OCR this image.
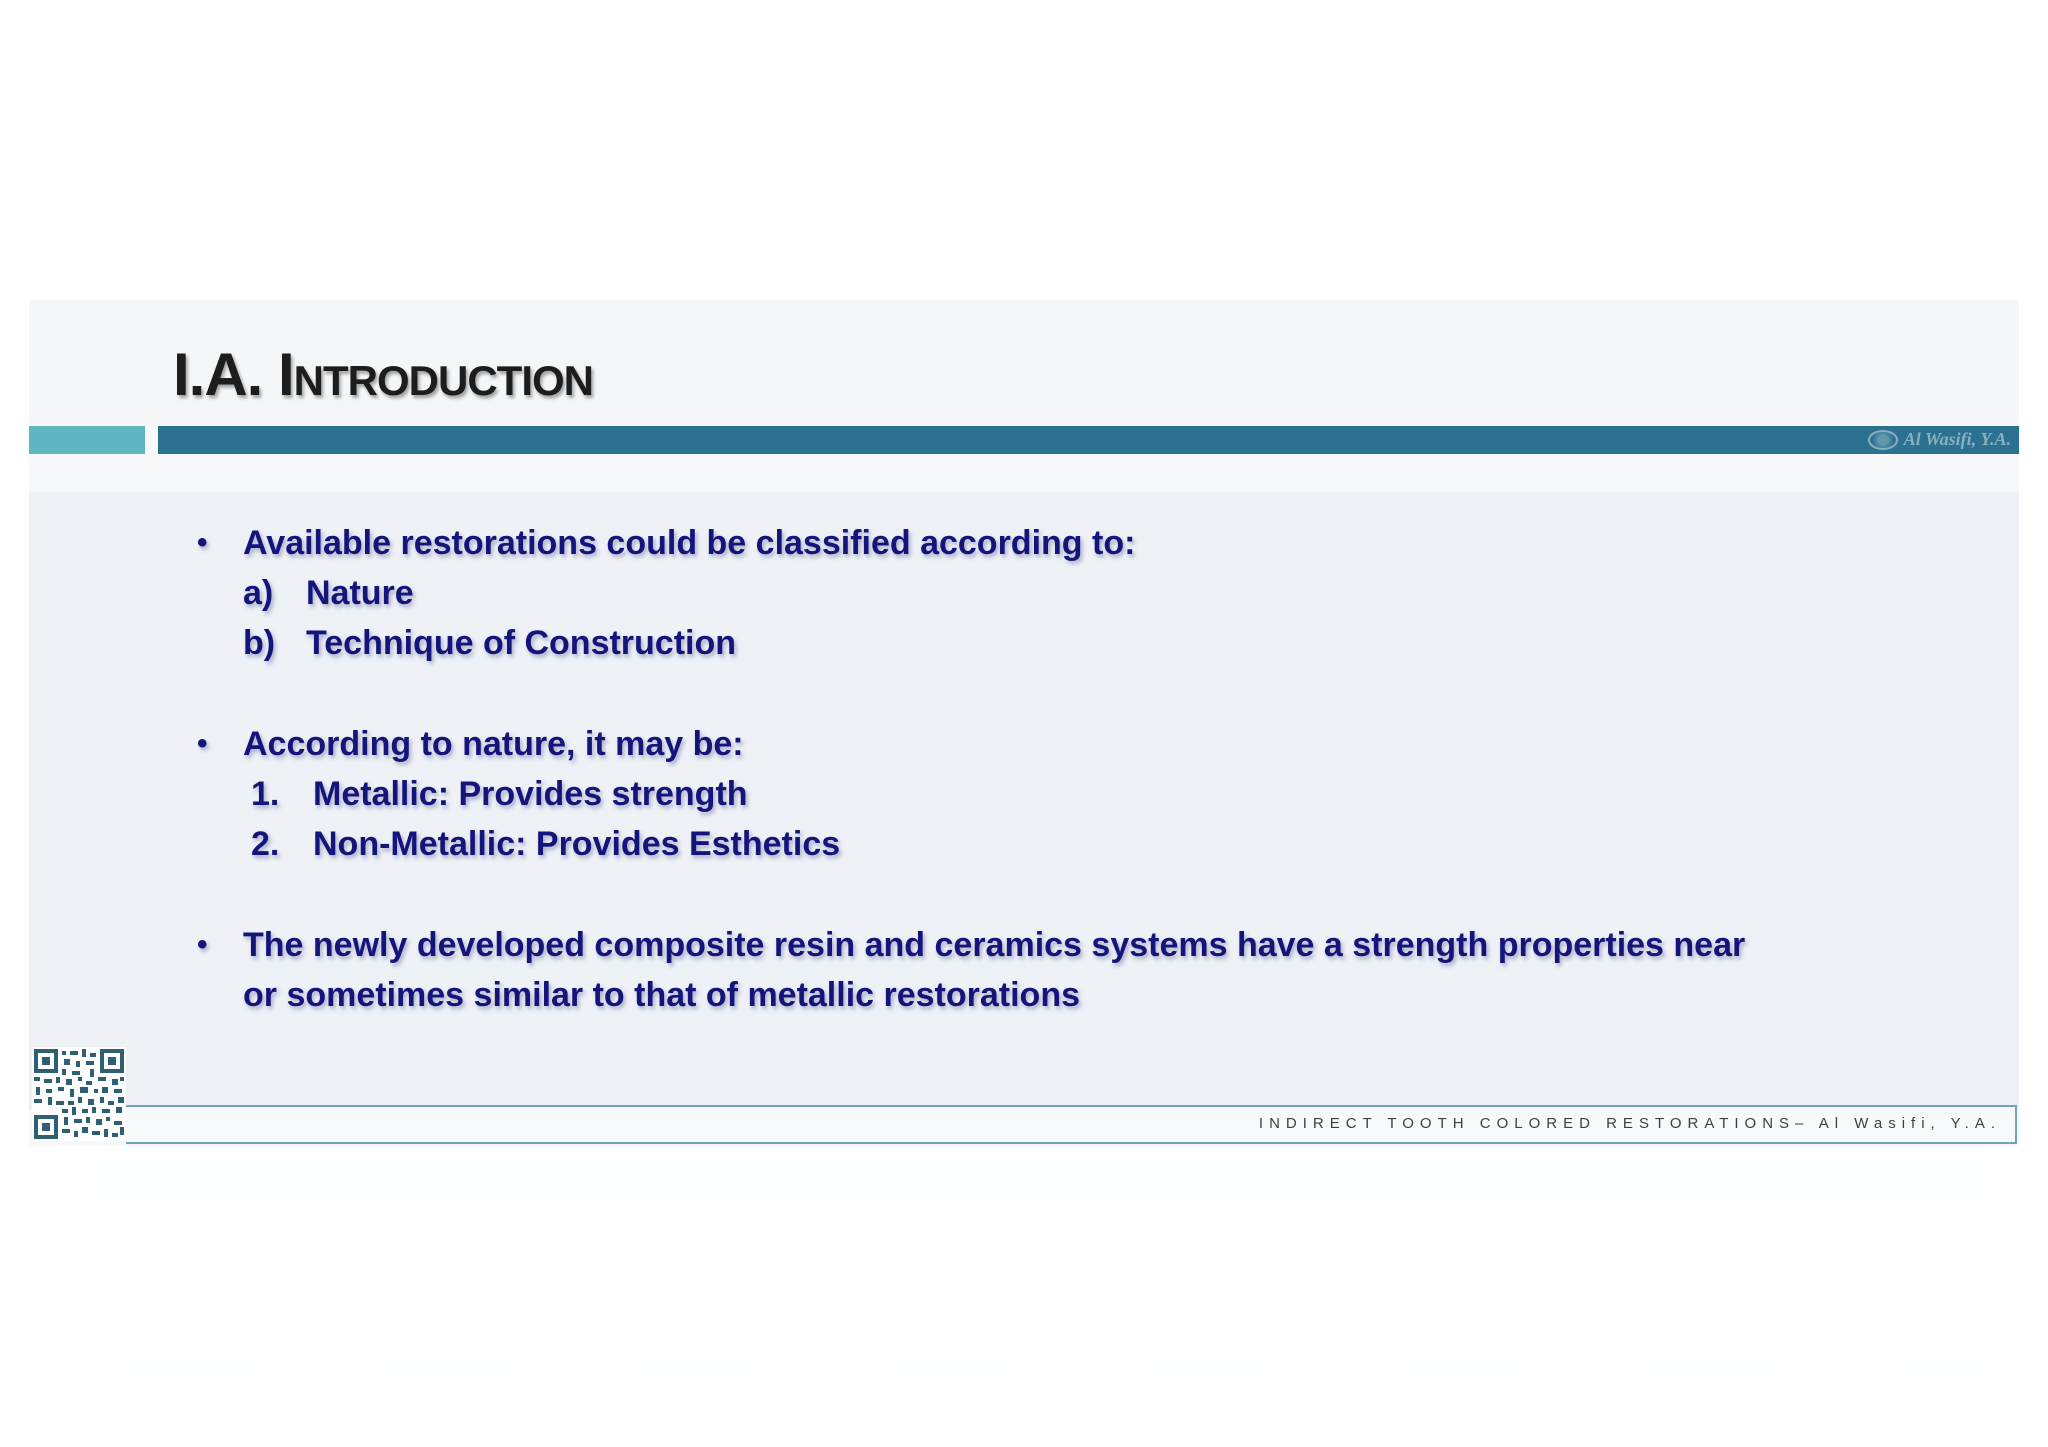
I.A. Introduction
Al Wasifi, Y.A.

• Available restorations could be classified according to:

a) Nature
b) Technique of Construction

• According to nature, it may be:

1. Metallic: Provides strength
2. Non-Metallic: Provides Esthetics

• The newly developed composite resin and ceramics systems have a strength properties near
or sometimes similar to that of metallic restorations

INDIRECT TOOTH COLORED RESTORATIONS– Al Wasifi, Y.A.
